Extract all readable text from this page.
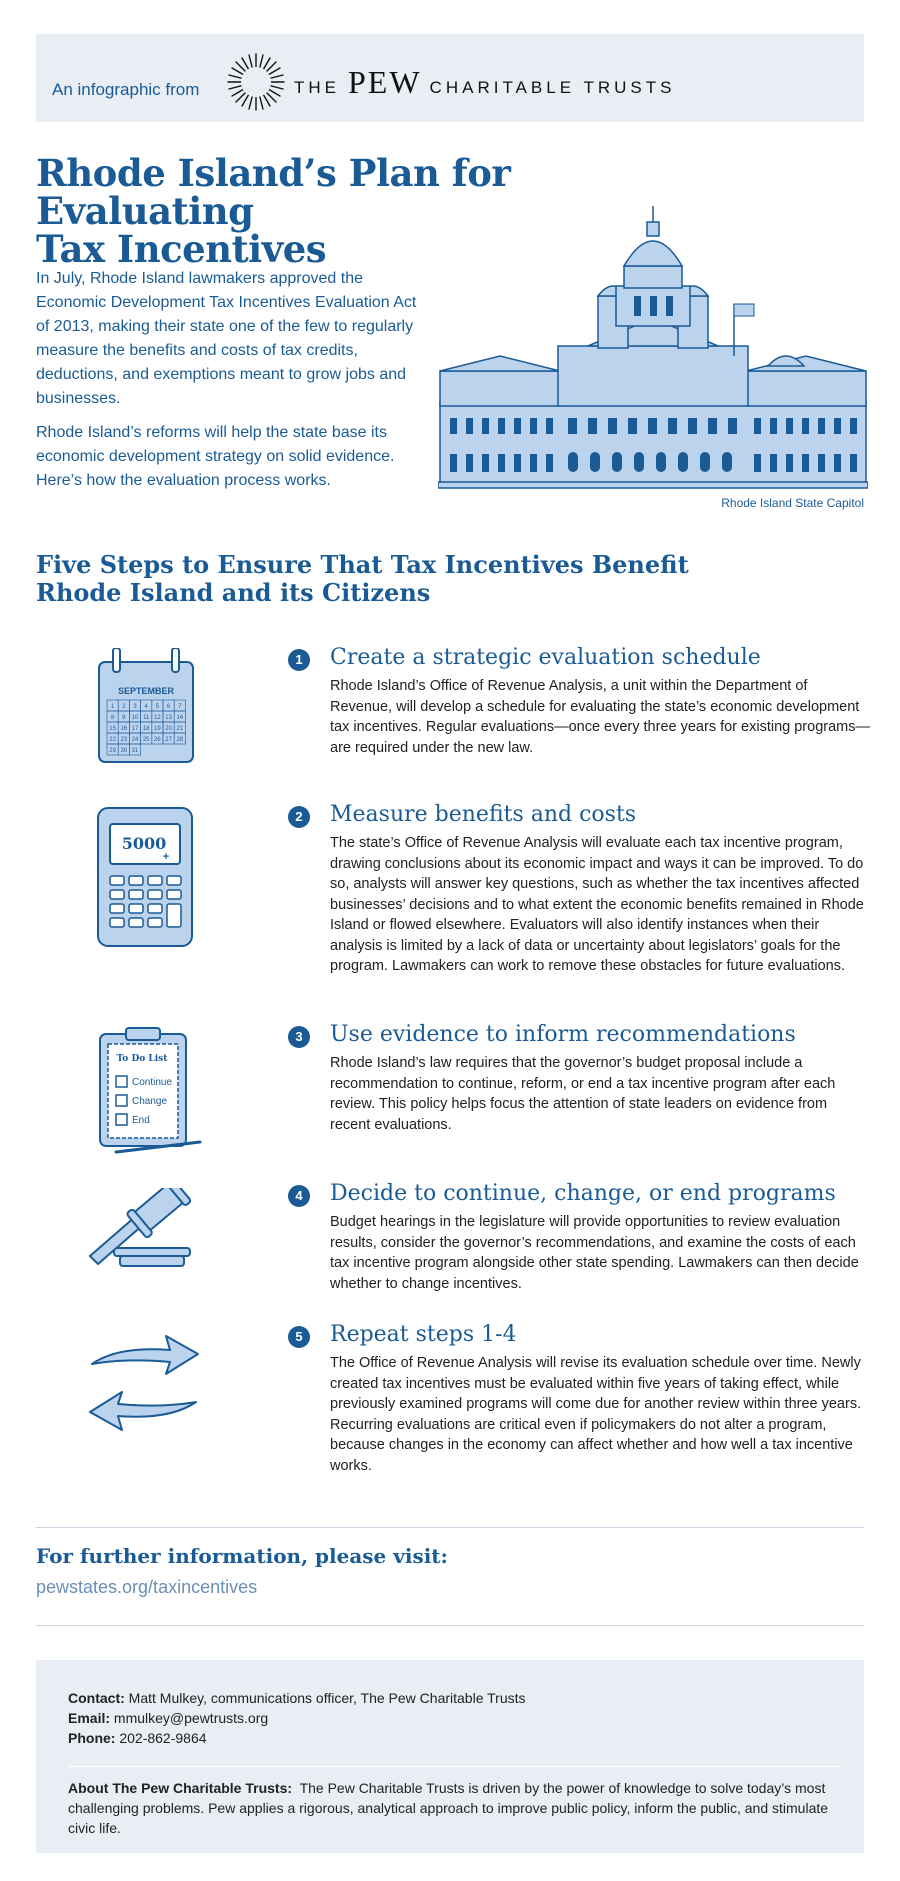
An infographic from	THE PEW CHARITABLE TRUSTS
Rhode Island’s Plan for Evaluating
Tax Incentives

In July, Rhode Island lawmakers approved the Economic Development Tax Incentives Evaluation Act of 2013, making their state one of the few to regularly measure the benefits and costs of tax credits, deductions, and exemptions meant to grow jobs and businesses.

Rhode Island’s reforms will help the state base its economic development strategy on solid evidence. Here’s how the evaluation process works.

Rhode Island State Capitol
Five Steps to Ensure That Tax Incentives Benefit
Rhode Island and its Citizens
SEPTEMBER
1 2 3 4 5 6 7
8 9 10 11 12 13 14
15 16 17 18 19 20 21
22 23 24 25 26 27 28
29 30 31
1	Create a strategic evaluation schedule
Rhode Island’s Office of Revenue Analysis, a unit within the Department of Revenue, will develop a schedule for evaluating the state’s economic development tax incentives. Regular evaluations—once every three years for existing programs—are required under the new law.
5000
+
2	Measure benefits and costs
The state’s Office of Revenue Analysis will evaluate each tax incentive program, drawing conclusions about its economic impact and ways it can be improved. To do so, analysts will answer key questions, such as whether the tax incentives affected businesses’ decisions and to what extent the economic benefits remained in Rhode Island or flowed elsewhere. Evaluators will also identify instances when their analysis is limited by a lack of data or uncertainty about legislators’ goals for the program. Lawmakers can work to remove these obstacles for future evaluations.
To Do List
Continue
Change
End
3	Use evidence to inform recommendations
Rhode Island’s law requires that the governor’s budget proposal include a recommendation to continue, reform, or end a tax incentive program after each review. This policy helps focus the attention of state leaders on evidence from recent evaluations.
4	Decide to continue, change, or end programs
Budget hearings in the legislature will provide opportunities to review evaluation results, consider the governor’s recommendations, and examine the costs of each tax incentive program alongside other state spending. Lawmakers can then decide whether to change incentives.
5	Repeat steps 1-4
The Office of Revenue Analysis will revise its evaluation schedule over time. Newly created tax incentives must be evaluated within five years of taking effect, while previously examined programs will come due for another review within three years. Recurring evaluations are critical even if policymakers do not alter a program, because changes in the economy can affect whether and how well a tax incentive works.
For further information, please visit:
pewstates.org/taxincentives
Contact: Matt Mulkey, communications officer, The Pew Charitable Trusts
Email: mmulkey@pewtrusts.org
Phone: 202-862-9864
About The Pew Charitable Trusts: The Pew Charitable Trusts is driven by the power of knowledge to solve today’s most challenging problems. Pew applies a rigorous, analytical approach to improve public policy, inform the public, and stimulate civic life.
